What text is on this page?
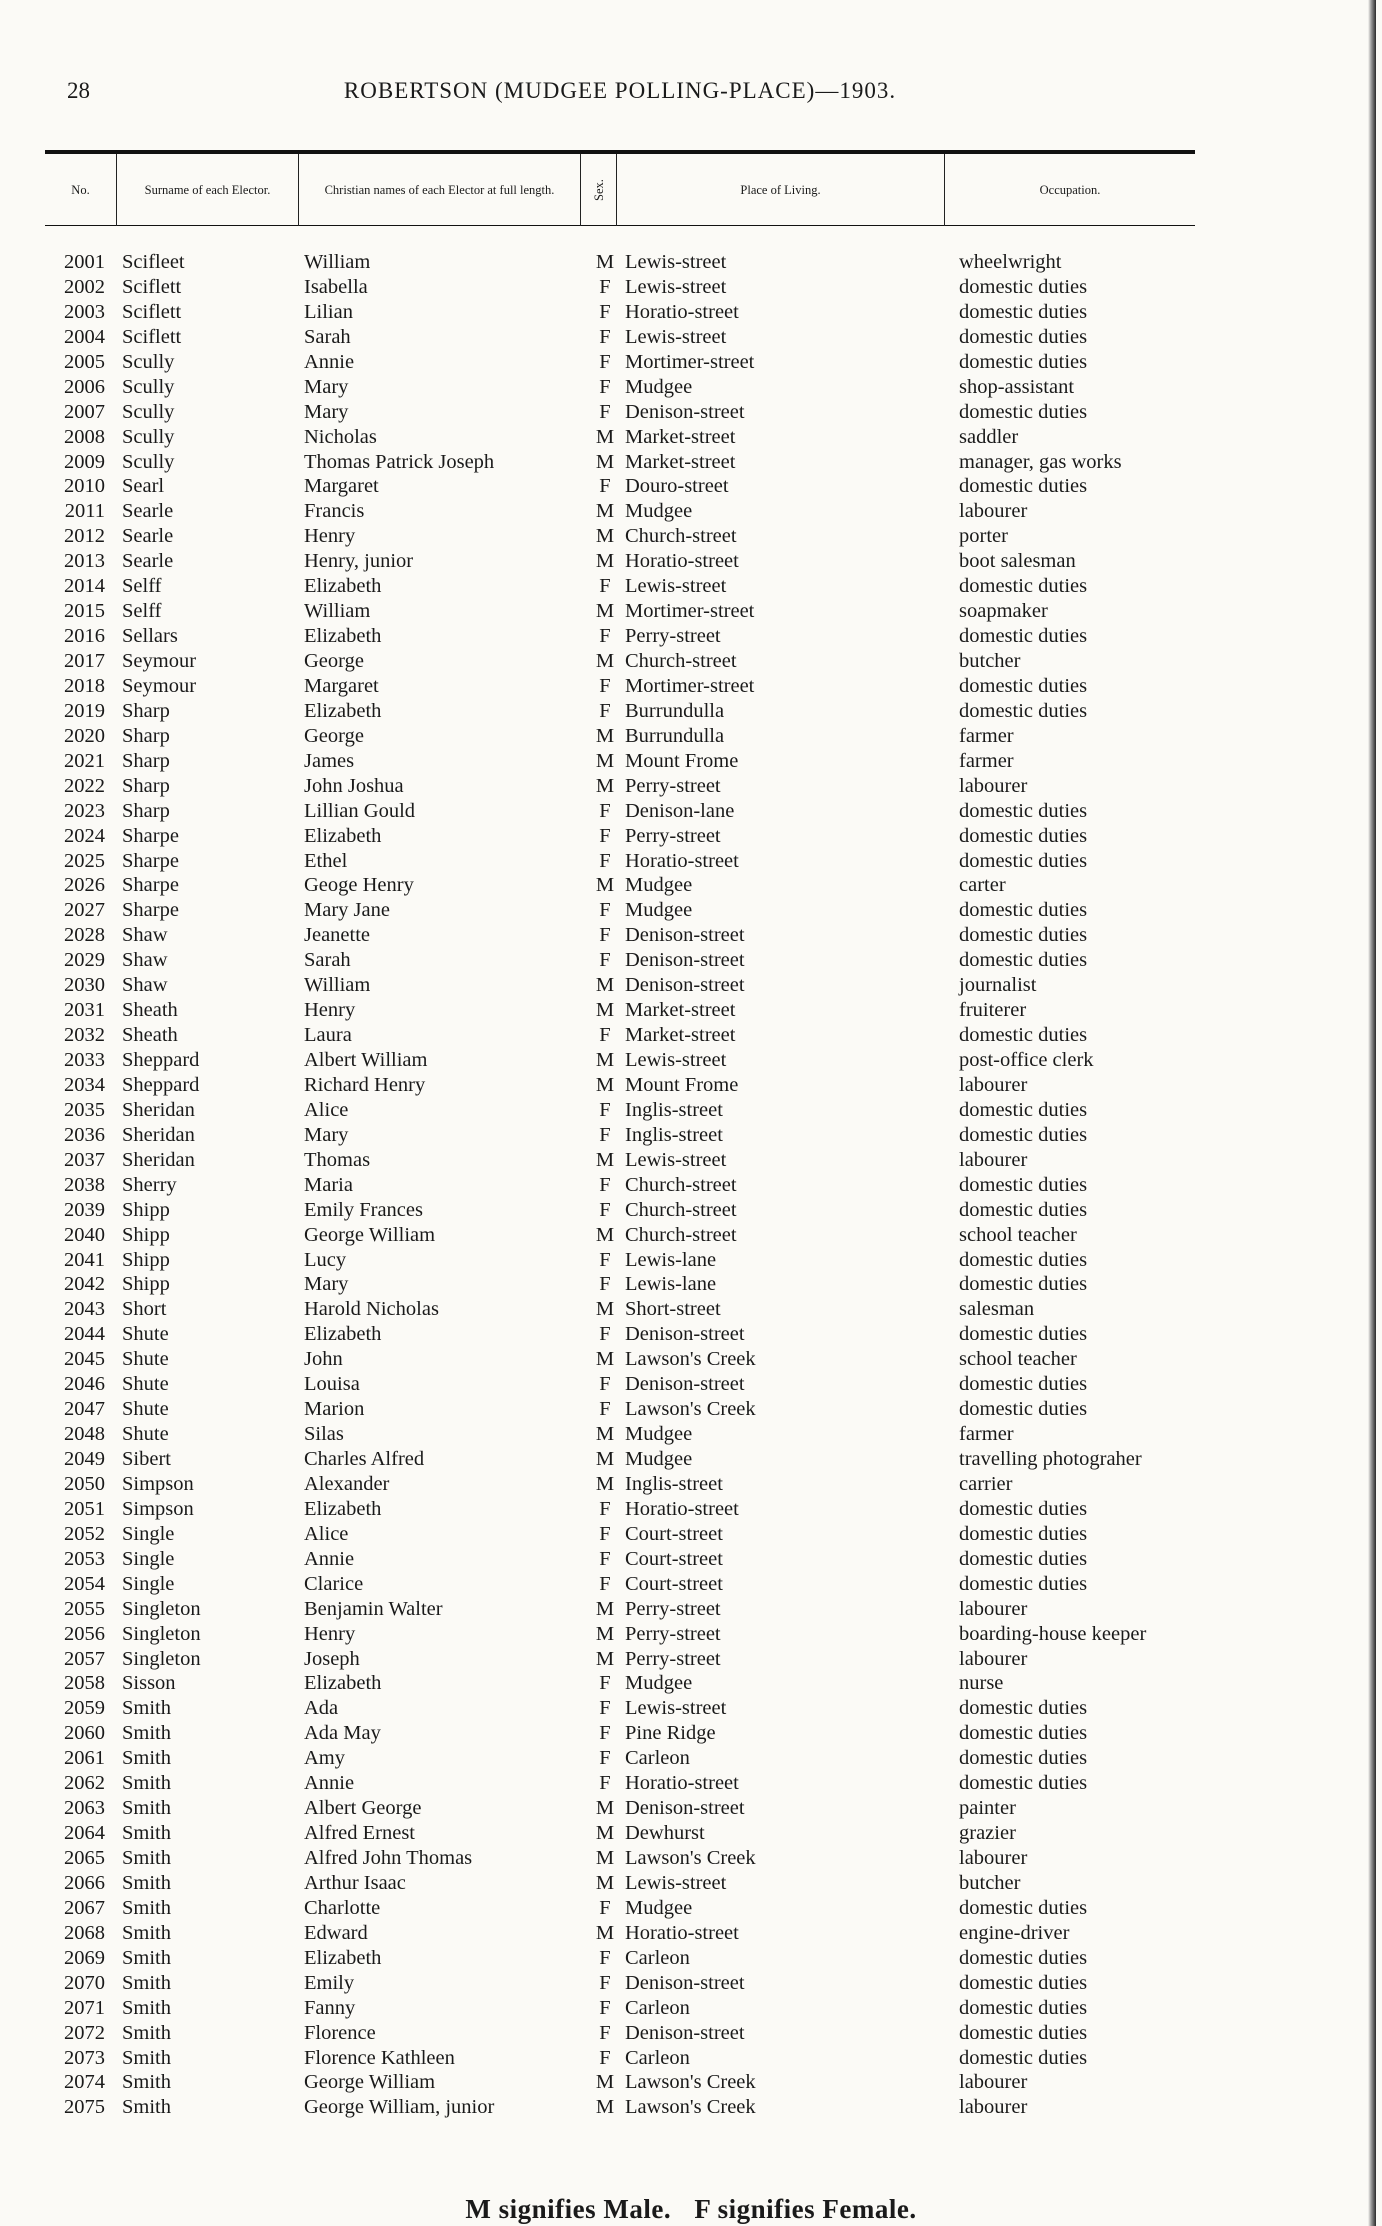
28	ROBERTSON (MUDGEE POLLING-PLACE)—1903.
No.	Surname of each Elector.	Christian names of each Elector at full length.	Sex.	Place of Living.	Occupation.
2001 Scifleet	William	M Lewis-street	wheelwright
2002 Sciflett	Isabella	F Lewis-street	domestic duties
2003 Sciflett	Lilian	F Horatio-street	domestic duties
2004 Sciflett	Sarah	F Lewis-street	domestic duties
2005 Scully	Annie	F Mortimer-street	domestic duties
2006 Scully	Mary	F Mudgee	shop-assistant
2007 Scully	Mary	F Denison-street	domestic duties
2008 Scully	Nicholas	M Market-street	saddler
2009 Scully	Thomas Patrick Joseph	M Market-street	manager, gas works
2010 Searl	Margaret	F Douro-street	domestic duties
2011 Searle	Francis	M Mudgee	labourer
2012 Searle	Henry	M Church-street	porter
2013 Searle	Henry, junior	M Horatio-street	boot salesman
2014 Selff	Elizabeth	F Lewis-street	domestic duties
2015 Selff	William	M Mortimer-street	soapmaker
2016 Sellars	Elizabeth	F Perry-street	domestic duties
2017 Seymour	George	M Church-street	butcher
2018 Seymour	Margaret	F Mortimer-street	domestic duties
2019 Sharp	Elizabeth	F Burrundulla	domestic duties
2020 Sharp	George	M Burrundulla	farmer
2021 Sharp	James	M Mount Frome	farmer
2022 Sharp	John Joshua	M Perry-street	labourer
2023 Sharp	Lillian Gould	F Denison-lane	domestic duties
2024 Sharpe	Elizabeth	F Perry-street	domestic duties
2025 Sharpe	Ethel	F Horatio-street	domestic duties
2026 Sharpe	Geoge Henry	M Mudgee	carter
2027 Sharpe	Mary Jane	F Mudgee	domestic duties
2028 Shaw	Jeanette	F Denison-street	domestic duties
2029 Shaw	Sarah	F Denison-street	domestic duties
2030 Shaw	William	M Denison-street	journalist
2031 Sheath	Henry	M Market-street	fruiterer
2032 Sheath	Laura	F Market-street	domestic duties
2033 Sheppard	Albert William	M Lewis-street	post-office clerk
2034 Sheppard	Richard Henry	M Mount Frome	labourer
2035 Sheridan	Alice	F Inglis-street	domestic duties
2036 Sheridan	Mary	F Inglis-street	domestic duties
2037 Sheridan	Thomas	M Lewis-street	labourer
2038 Sherry	Maria	F Church-street	domestic duties
2039 Shipp	Emily Frances	F Church-street	domestic duties
2040 Shipp	George William	M Church-street	school teacher
2041 Shipp	Lucy	F Lewis-lane	domestic duties
2042 Shipp	Mary	F Lewis-lane	domestic duties
2043 Short	Harold Nicholas	M Short-street	salesman
2044 Shute	Elizabeth	F Denison-street	domestic duties
2045 Shute	John	M Lawson's Creek	school teacher
2046 Shute	Louisa	F Denison-street	domestic duties
2047 Shute	Marion	F Lawson's Creek	domestic duties
2048 Shute	Silas	M Mudgee	farmer
2049 Sibert	Charles Alfred	M Mudgee	travelling photograher
2050 Simpson	Alexander	M Inglis-street	carrier
2051 Simpson	Elizabeth	F Horatio-street	domestic duties
2052 Single	Alice	F Court-street	domestic duties
2053 Single	Annie	F Court-street	domestic duties
2054 Single	Clarice	F Court-street	domestic duties
2055 Singleton	Benjamin Walter	M Perry-street	labourer
2056 Singleton	Henry	M Perry-street	boarding-house keeper
2057 Singleton	Joseph	M Perry-street	labourer
2058 Sisson	Elizabeth	F Mudgee	nurse
2059 Smith	Ada	F Lewis-street	domestic duties
2060 Smith	Ada May	F Pine Ridge	domestic duties
2061 Smith	Amy	F Carleon	domestic duties
2062 Smith	Annie	F Horatio-street	domestic duties
2063 Smith	Albert George	M Denison-street	painter
2064 Smith	Alfred Ernest	M Dewhurst	grazier
2065 Smith	Alfred John Thomas	M Lawson's Creek	labourer
2066 Smith	Arthur Isaac	M Lewis-street	butcher
2067 Smith	Charlotte	F Mudgee	domestic duties
2068 Smith	Edward	M Horatio-street	engine-driver
2069 Smith	Elizabeth	F Carleon	domestic duties
2070 Smith	Emily	F Denison-street	domestic duties
2071 Smith	Fanny	F Carleon	domestic duties
2072 Smith	Florence	F Denison-street	domestic duties
2073 Smith	Florence Kathleen	F Carleon	domestic duties
2074 Smith	George William	M Lawson's Creek	labourer
2075 Smith	George William, junior	M Lawson's Creek	labourer
M signifies Male. F signifies Female.
